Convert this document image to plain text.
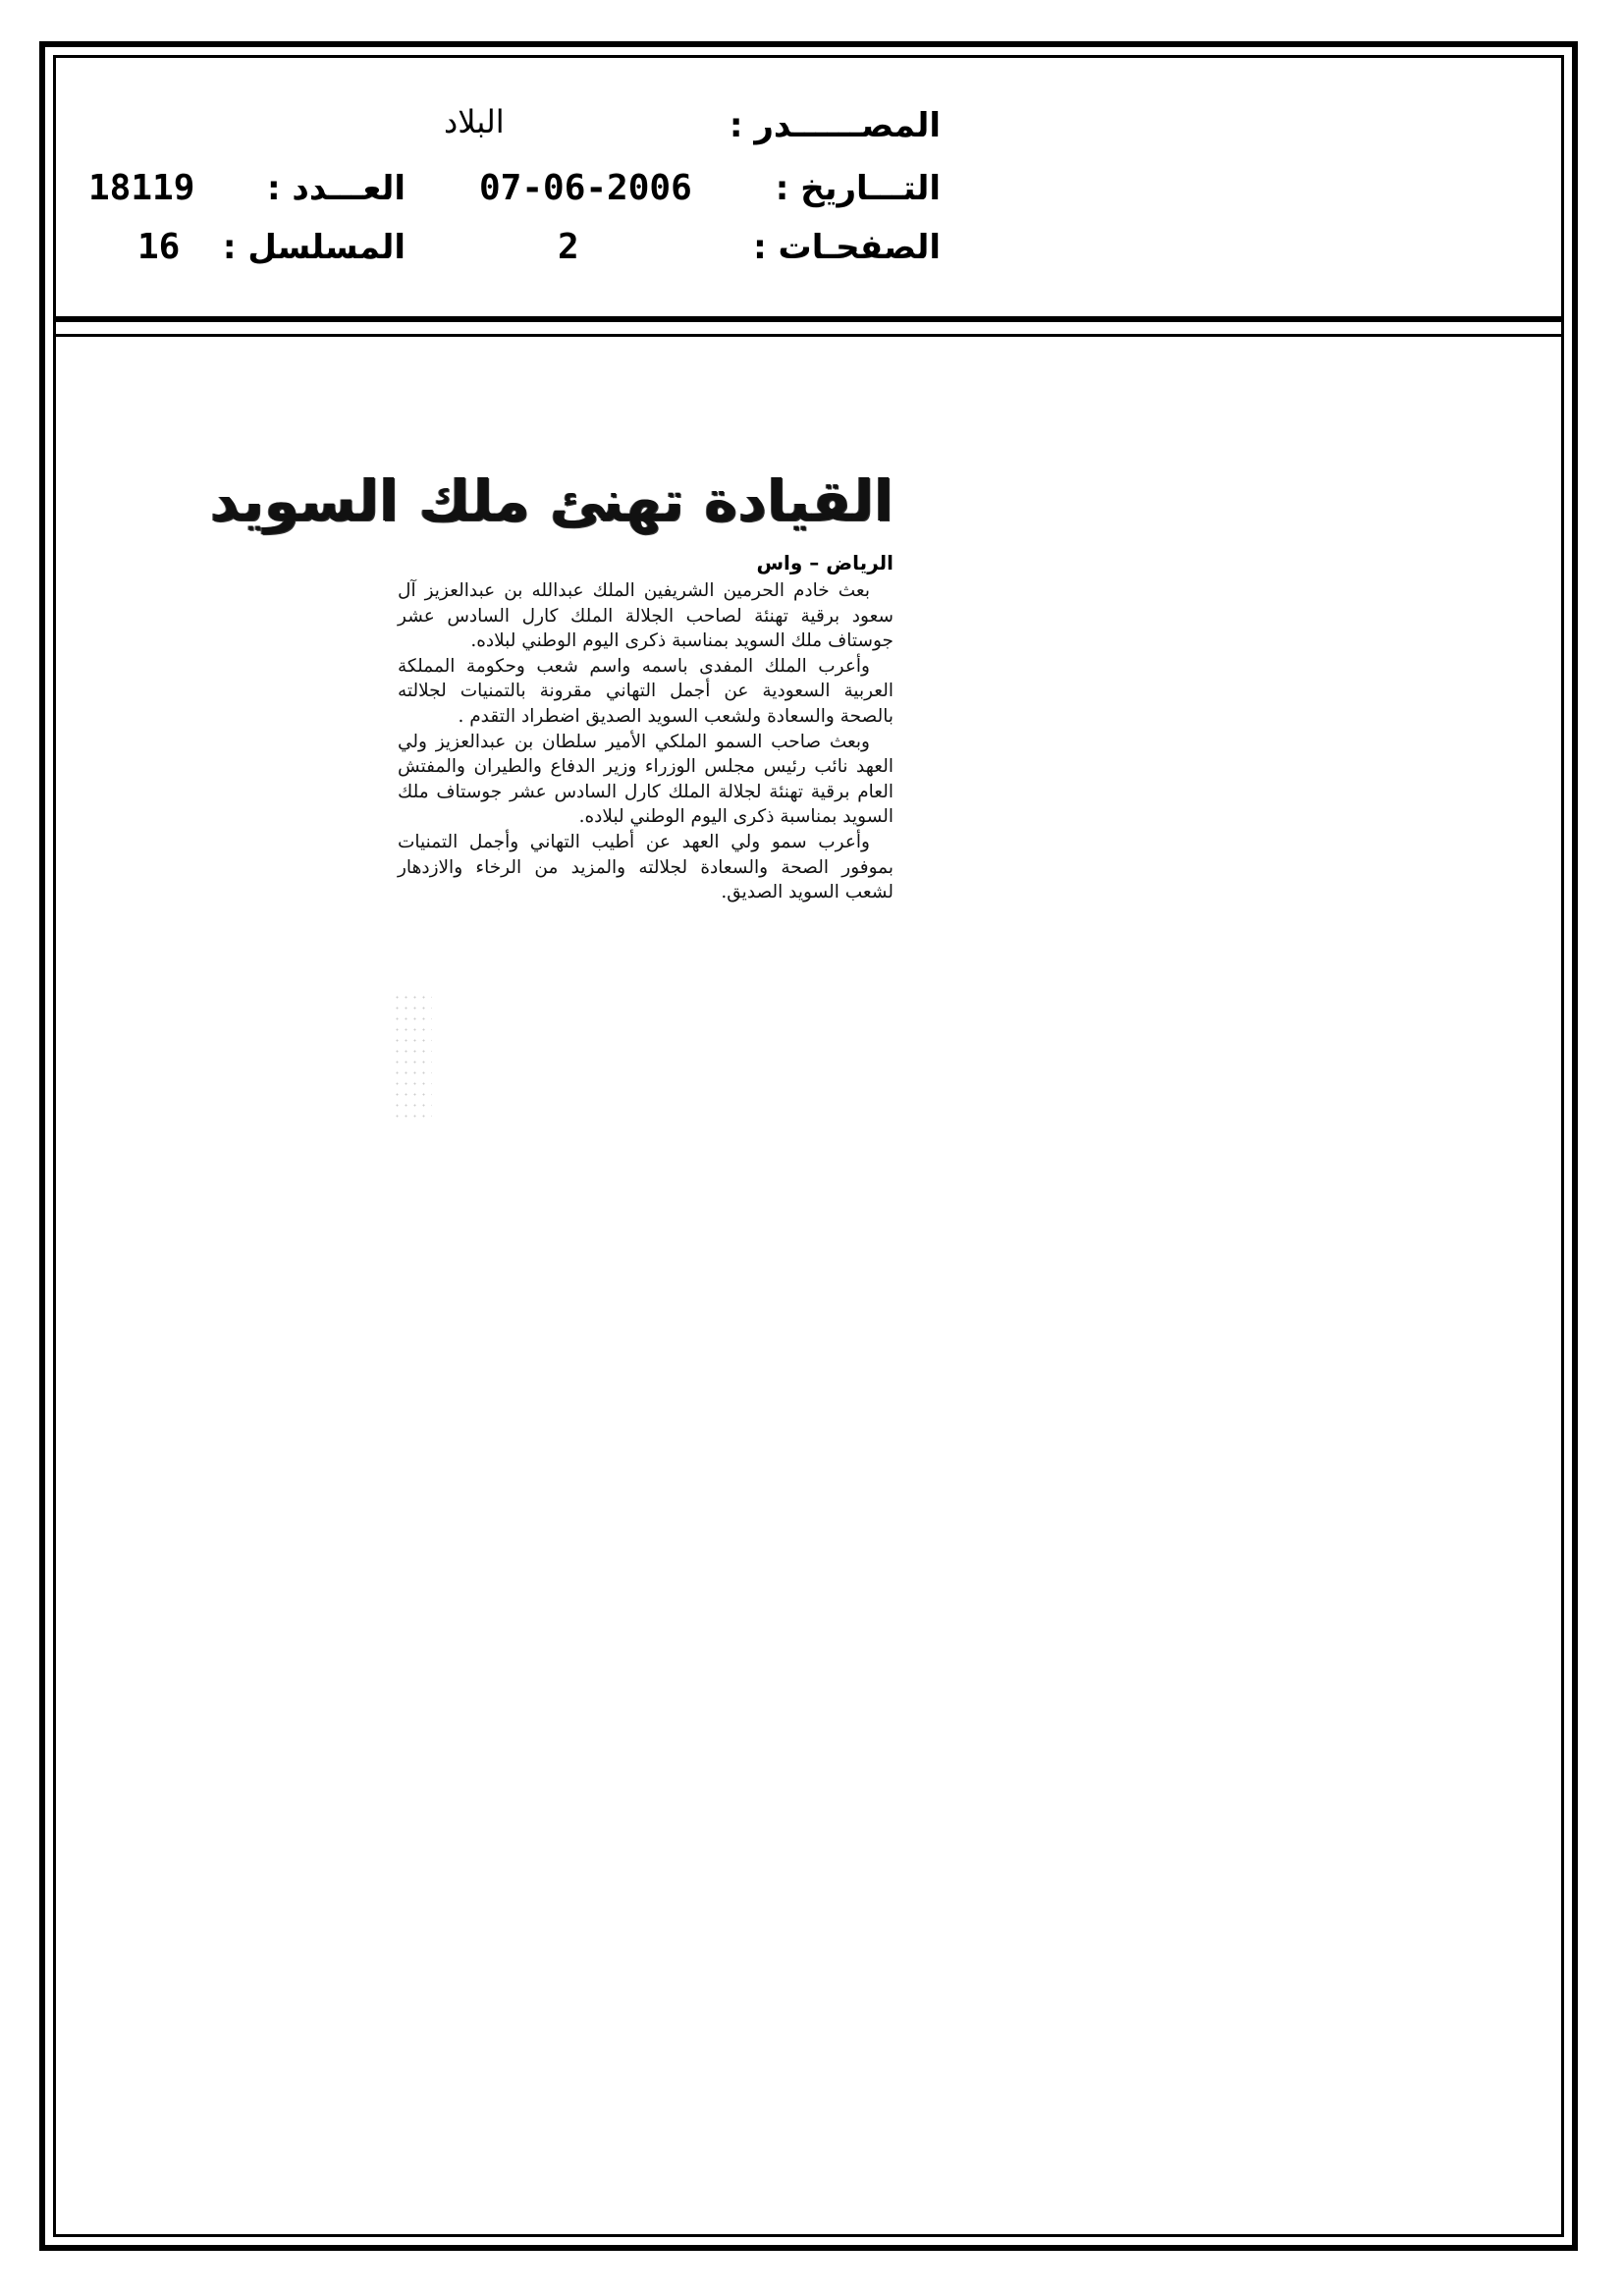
المصــــــدر :
البلاد
التـــاريخ :
07-06-2006
العـــدد :
18119
الصفحـات :
2
المسلسل :
16
القيادة تهنئ ملك السويد
الرياض – واس

بعث خادم الحرمين الشريفين الملك عبدالله بن عبدالعزيز آل سعود برقية تهنئة لصاحب الجلالة الملك كارل السادس عشر جوستاف ملك السويد بمناسبة ذكرى اليوم الوطني لبلاده.

وأعرب الملك المفدى باسمه واسم شعب وحكومة المملكة العربية السعودية عن أجمل التهاني مقرونة بالتمنيات لجلالته بالصحة والسعادة ولشعب السويد الصديق اضطراد التقدم .

وبعث صاحب السمو الملكي الأمير سلطان بن عبدالعزيز ولي العهد نائب رئيس مجلس الوزراء وزير الدفاع والطيران والمفتش العام برقية تهنئة لجلالة الملك كارل السادس عشر جوستاف ملك السويد بمناسبة ذكرى اليوم الوطني لبلاده.

وأعرب سمو ولي العهد عن أطيب التهاني وأجمل التمنيات بموفور الصحة والسعادة لجلالته والمزيد من الرخاء والازدهار لشعب السويد الصديق.
